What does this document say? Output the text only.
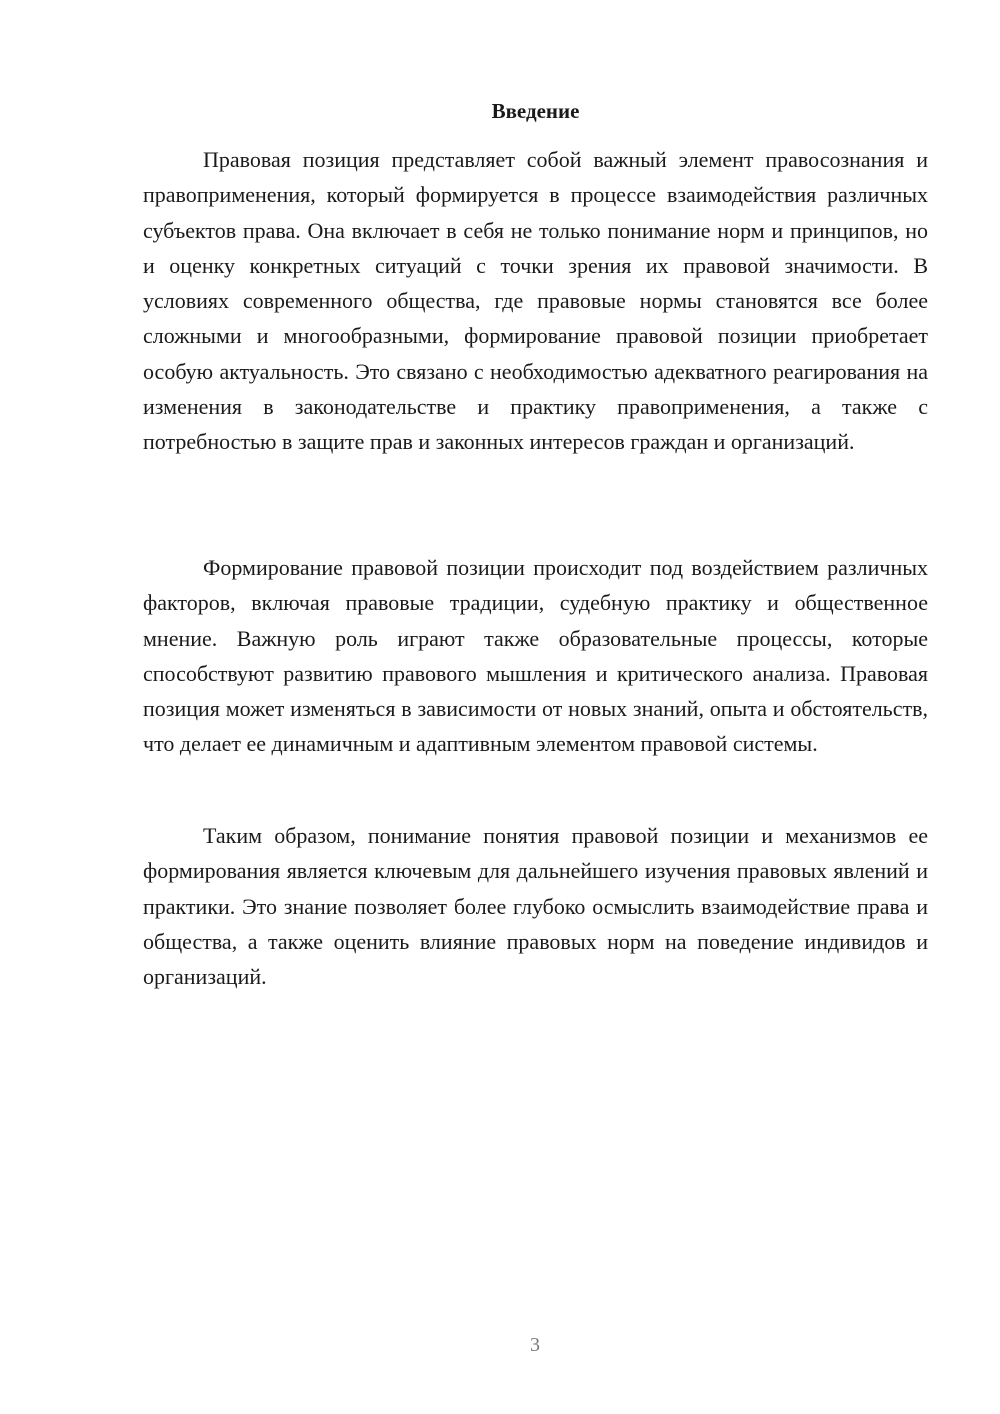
Введение

Правовая позиция представляет собой важный элемент правосознания и правоприменения, который формируется в процессе взаимодействия различных субъектов права. Она включает в себя не только понимание норм и принципов, но и оценку конкретных ситуаций с точки зрения их правовой значимости. В условиях современного общества, где правовые нормы становятся все более сложными и многообразными, формирование правовой позиции приобретает особую актуальность. Это связано с необходимостью адекватного реагирования на изменения в законодательстве и практику правоприменения, а также с потребностью в защите прав и законных интересов граждан и организаций.

Формирование правовой позиции происходит под воздействием различных факторов, включая правовые традиции, судебную практику и общественное мнение. Важную роль играют также образовательные процессы, которые способствуют развитию правового мышления и критического анализа. Правовая позиция может изменяться в зависимости от новых знаний, опыта и обстоятельств, что делает ее динамичным и адаптивным элементом правовой системы.

Таким образом, понимание понятия правовой позиции и механизмов ее формирования является ключевым для дальнейшего изучения правовых явлений и практики. Это знание позволяет более глубоко осмыслить взаимодействие права и общества, а также оценить влияние правовых норм на поведение индивидов и организаций.

3
